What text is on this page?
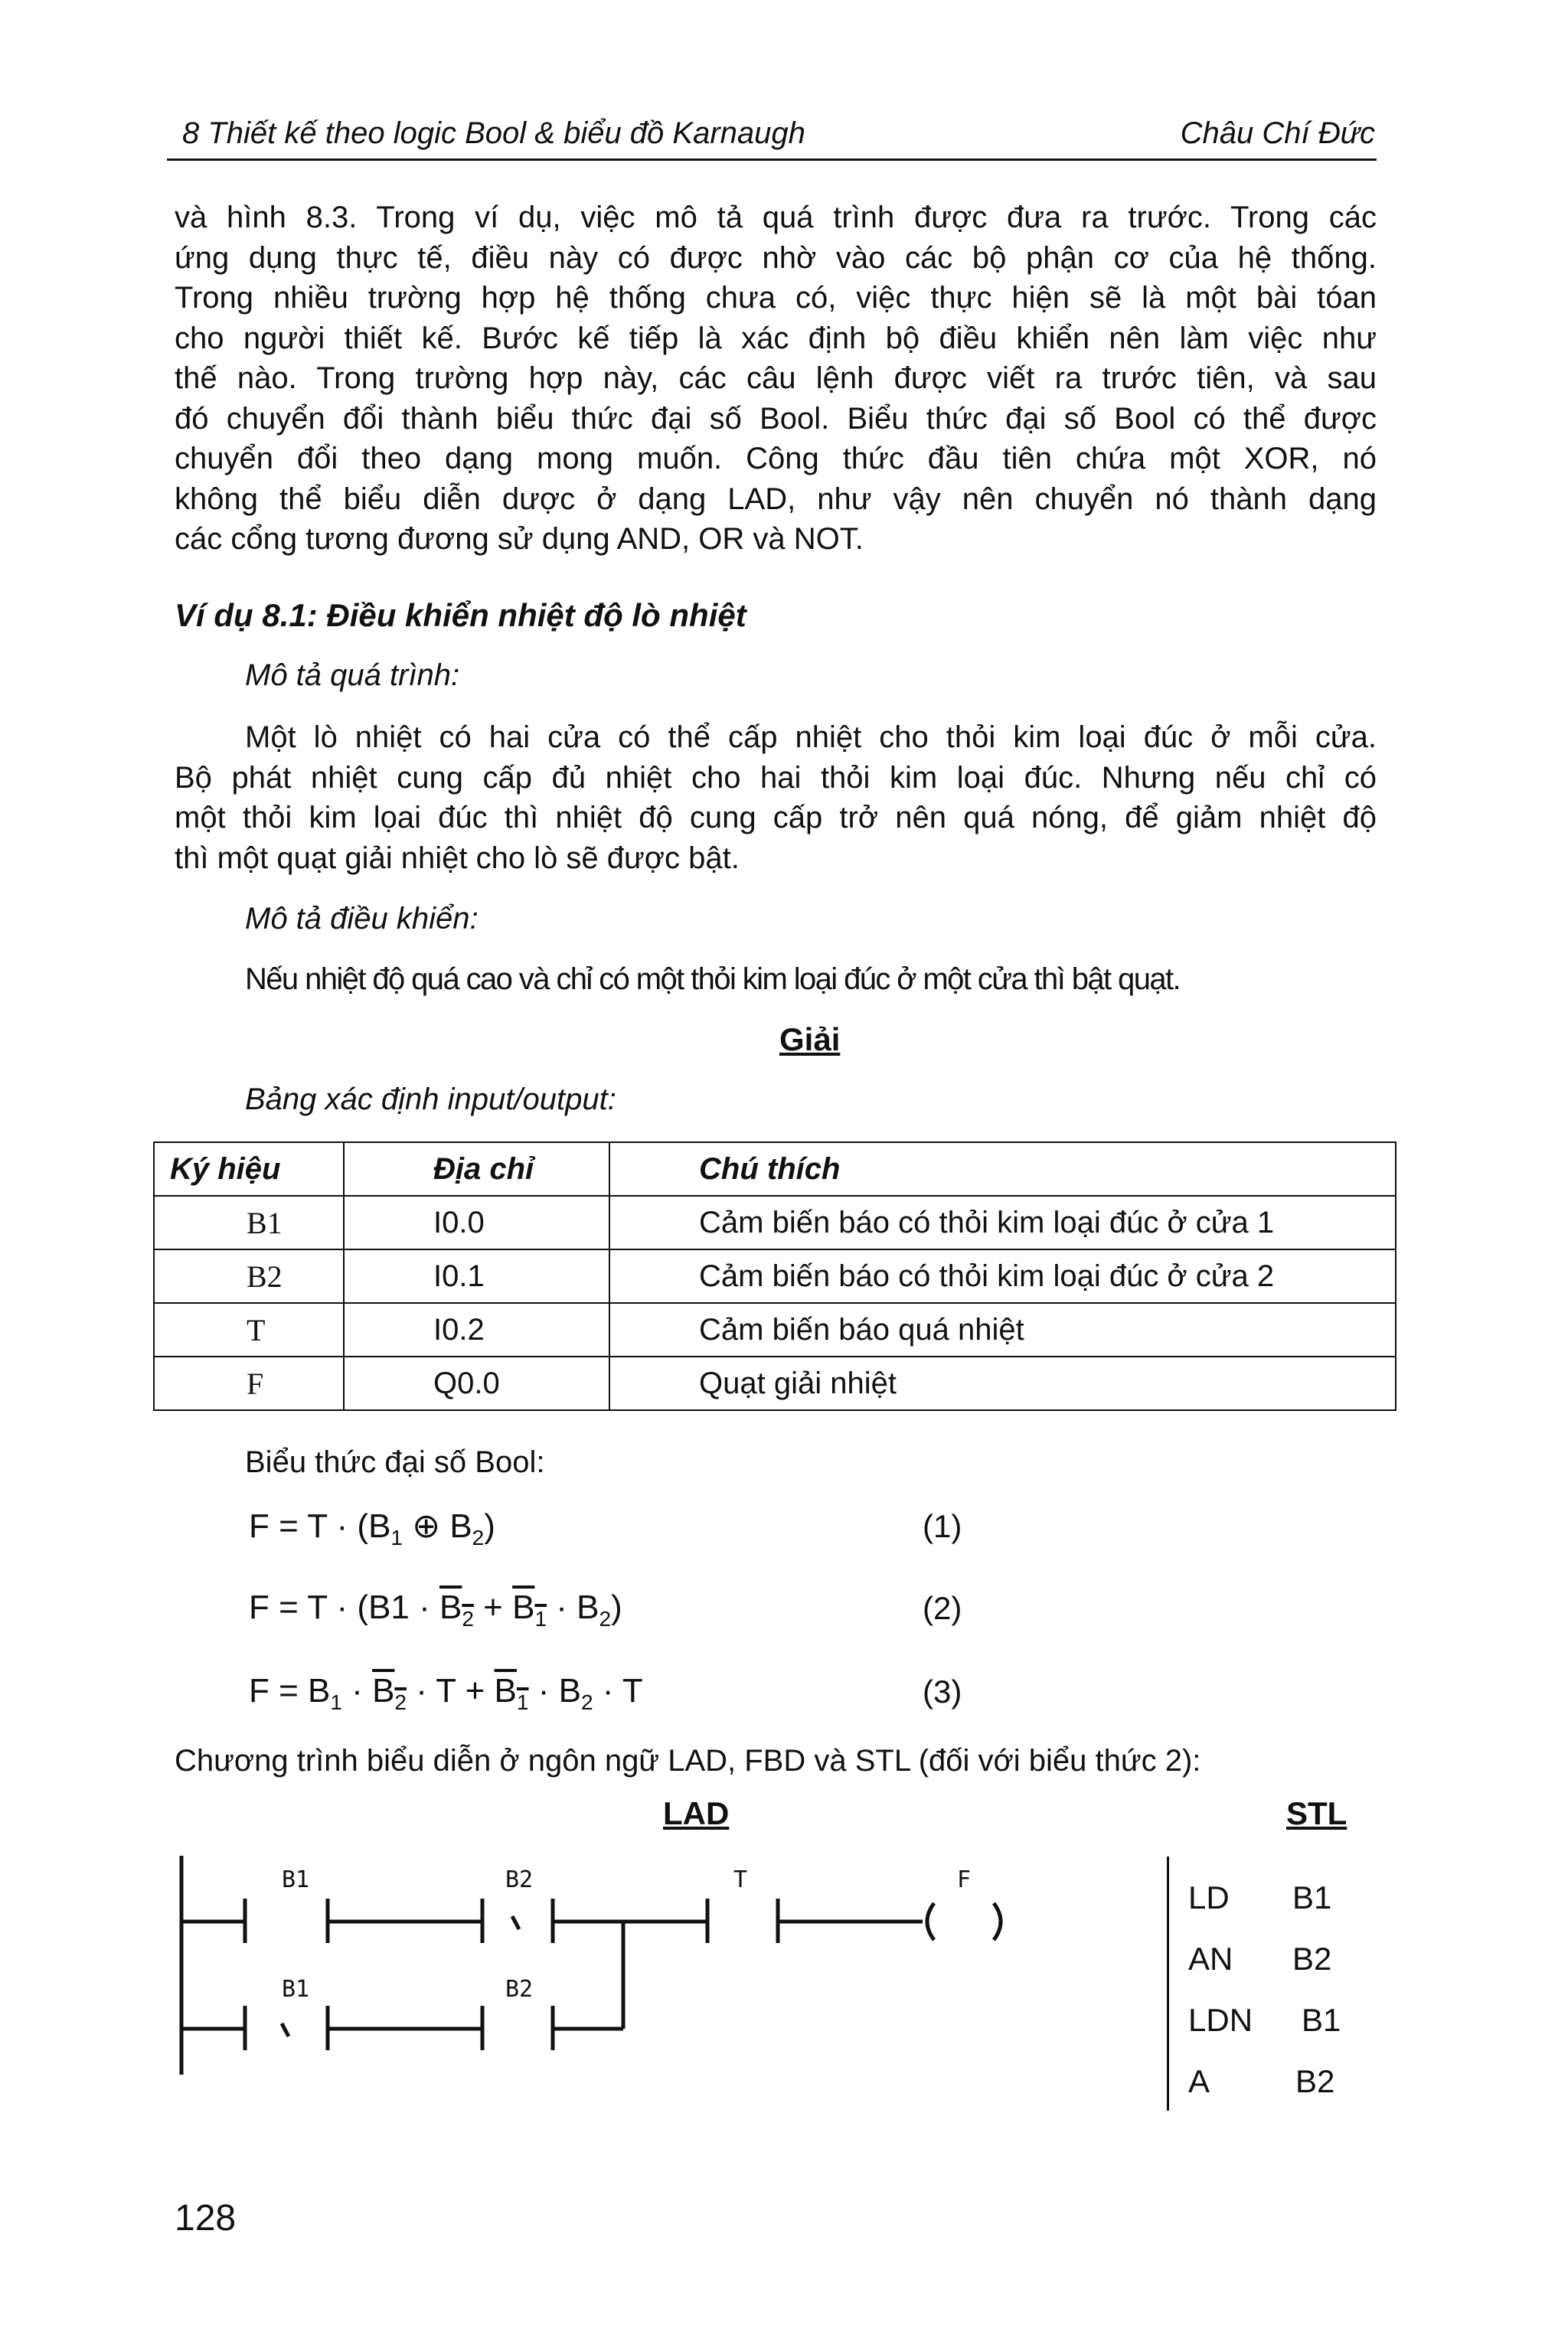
8 Thiết kế theo logic Bool & biểu đồ Karnaugh	Châu Chí Đức
và hình 8.3. Trong ví dụ, việc mô tả quá trình được đưa ra trước. Trong các
ứng dụng thực tế, điều này có được nhờ vào các bộ phận cơ của hệ thống.
Trong nhiều trường hợp hệ thống chưa có, việc thực hiện sẽ là một bài tóan
cho người thiết kế. Bước kế tiếp là xác định bộ điều khiển nên làm việc như
thế nào. Trong trường hợp này, các câu lệnh được viết ra trước tiên, và sau
đó chuyển đổi thành biểu thức đại số Bool. Biểu thức đại số Bool có thể được
chuyển đổi theo dạng mong muốn. Công thức đầu tiên chứa một XOR, nó
không thể biểu diễn dược ở dạng LAD, như vậy nên chuyển nó thành dạng
các cổng tương đương sử dụng AND, OR và NOT.
Ví dụ 8.1: Điều khiển nhiệt độ lò nhiệt
Mô tả quá trình:
Một lò nhiệt có hai cửa có thể cấp nhiệt cho thỏi kim loại đúc ở mỗi cửa.
Bộ phát nhiệt cung cấp đủ nhiệt cho hai thỏi kim loại đúc. Nhưng nếu chỉ có
một thỏi kim lọai đúc thì nhiệt độ cung cấp trở nên quá nóng, để giảm nhiệt độ
thì một quạt giải nhiệt cho lò sẽ được bật.
Mô tả điều khiển:
Nếu nhiệt độ quá cao và chỉ có một thỏi kim loại đúc ở một cửa thì bật quạt.
Giải
Bảng xác định input/output:
Ký hiệu	Địa chỉ	Chú thích
B1	I0.0	Cảm biến báo có thỏi kim loại đúc ở cửa 1
B2	I0.1	Cảm biến báo có thỏi kim loại đúc ở cửa 2
T	I0.2	Cảm biến báo quá nhiệt
F	Q0.0	Quạt giải nhiệt
Biểu thức đại số Bool:
$F = T \cdot (B_1$ ⊕ $B_2$)	(1)
$F = T \cdot (B1 \cdot B_2 + B_1 \cdot B_2)$	(2)
$F = B_1 \cdot B_2 \cdot T + B_1 \cdot B_2 \cdot T$	(3)
Chương trình biểu diễn ở ngôn ngữ LAD, FBD và STL (đối với biểu thức 2):
LAD	STL
B1	B2	T	F
B1	B2
LD B1
AN B2
LDN B1
A	B2
128
